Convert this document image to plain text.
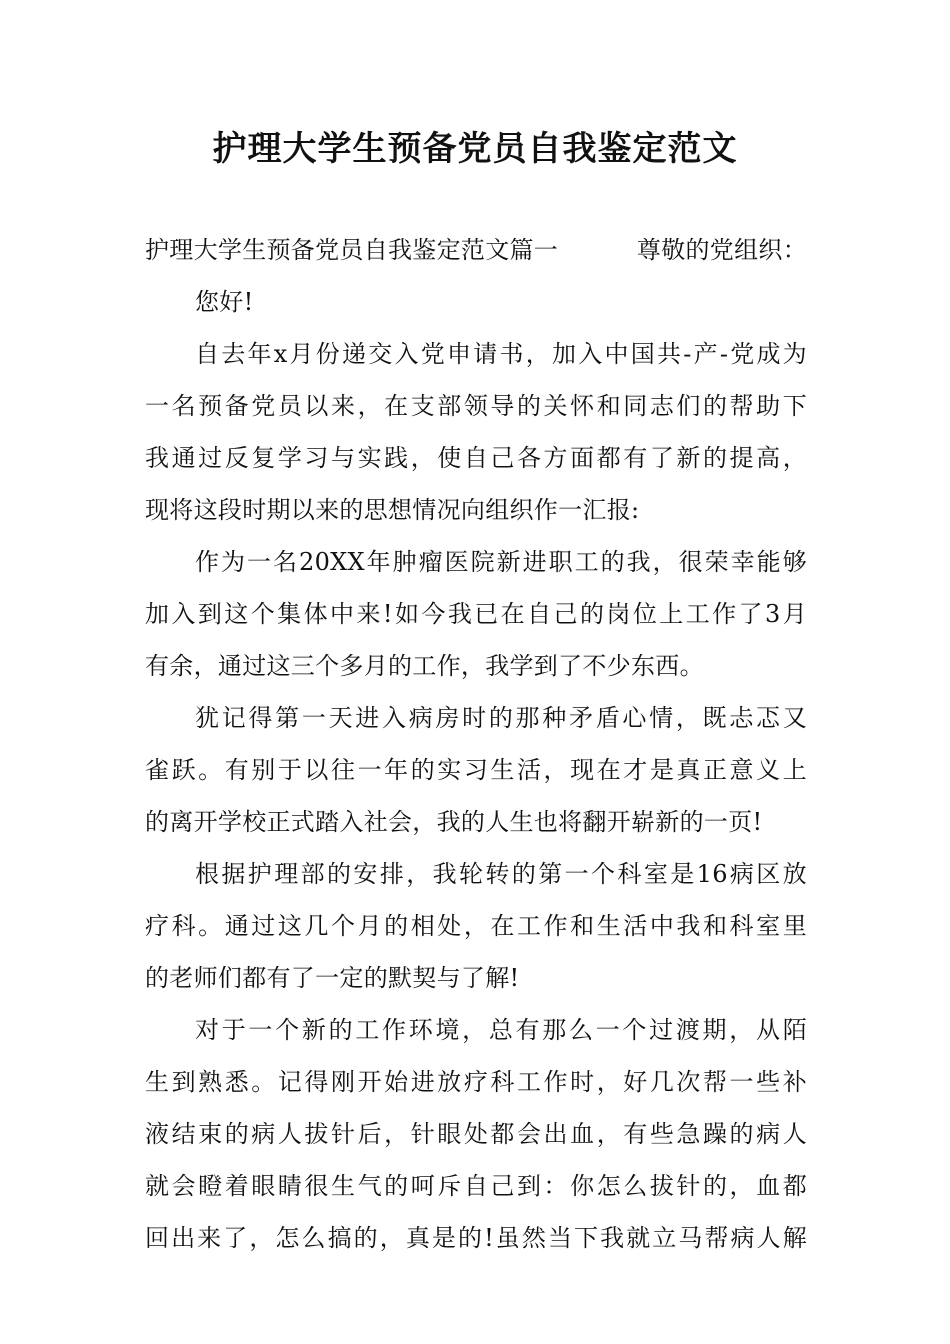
护理大学生预备党员自我鉴定范文
护理大学生预备党员自我鉴定范文篇一	尊敬的党组织：
您好!
自去年x月份递交入党申请书，加入中国共-产-党成为
一名预备党员以来，在支部领导的关怀和同志们的帮助下
我通过反复学习与实践，使自己各方面都有了新的提高，
现将这段时期以来的思想情况向组织作一汇报:
作为一名20XX年肿瘤医院新进职工的我，很荣幸能够
加入到这个集体中来!如今我已在自己的岗位上工作了3月
有余，通过这三个多月的工作，我学到了不少东西。
犹记得第一天进入病房时的那种矛盾心情，既忐忑又
雀跃。有别于以往一年的实习生活，现在才是真正意义上
的离开学校正式踏入社会，我的人生也将翻开崭新的一页!
根据护理部的安排，我轮转的第一个科室是16病区放
疗科。通过这几个月的相处，在工作和生活中我和科室里
的老师们都有了一定的默契与了解!
对于一个新的工作环境，总有那么一个过渡期，从陌
生到熟悉。记得刚开始进放疗科工作时，好几次帮一些补
液结束的病人拔针后，针眼处都会出血，有些急躁的病人
就会瞪着眼睛很生气的呵斥自己到：你怎么拔针的，血都
回出来了，怎么搞的，真是的!虽然当下我就立马帮病人解
